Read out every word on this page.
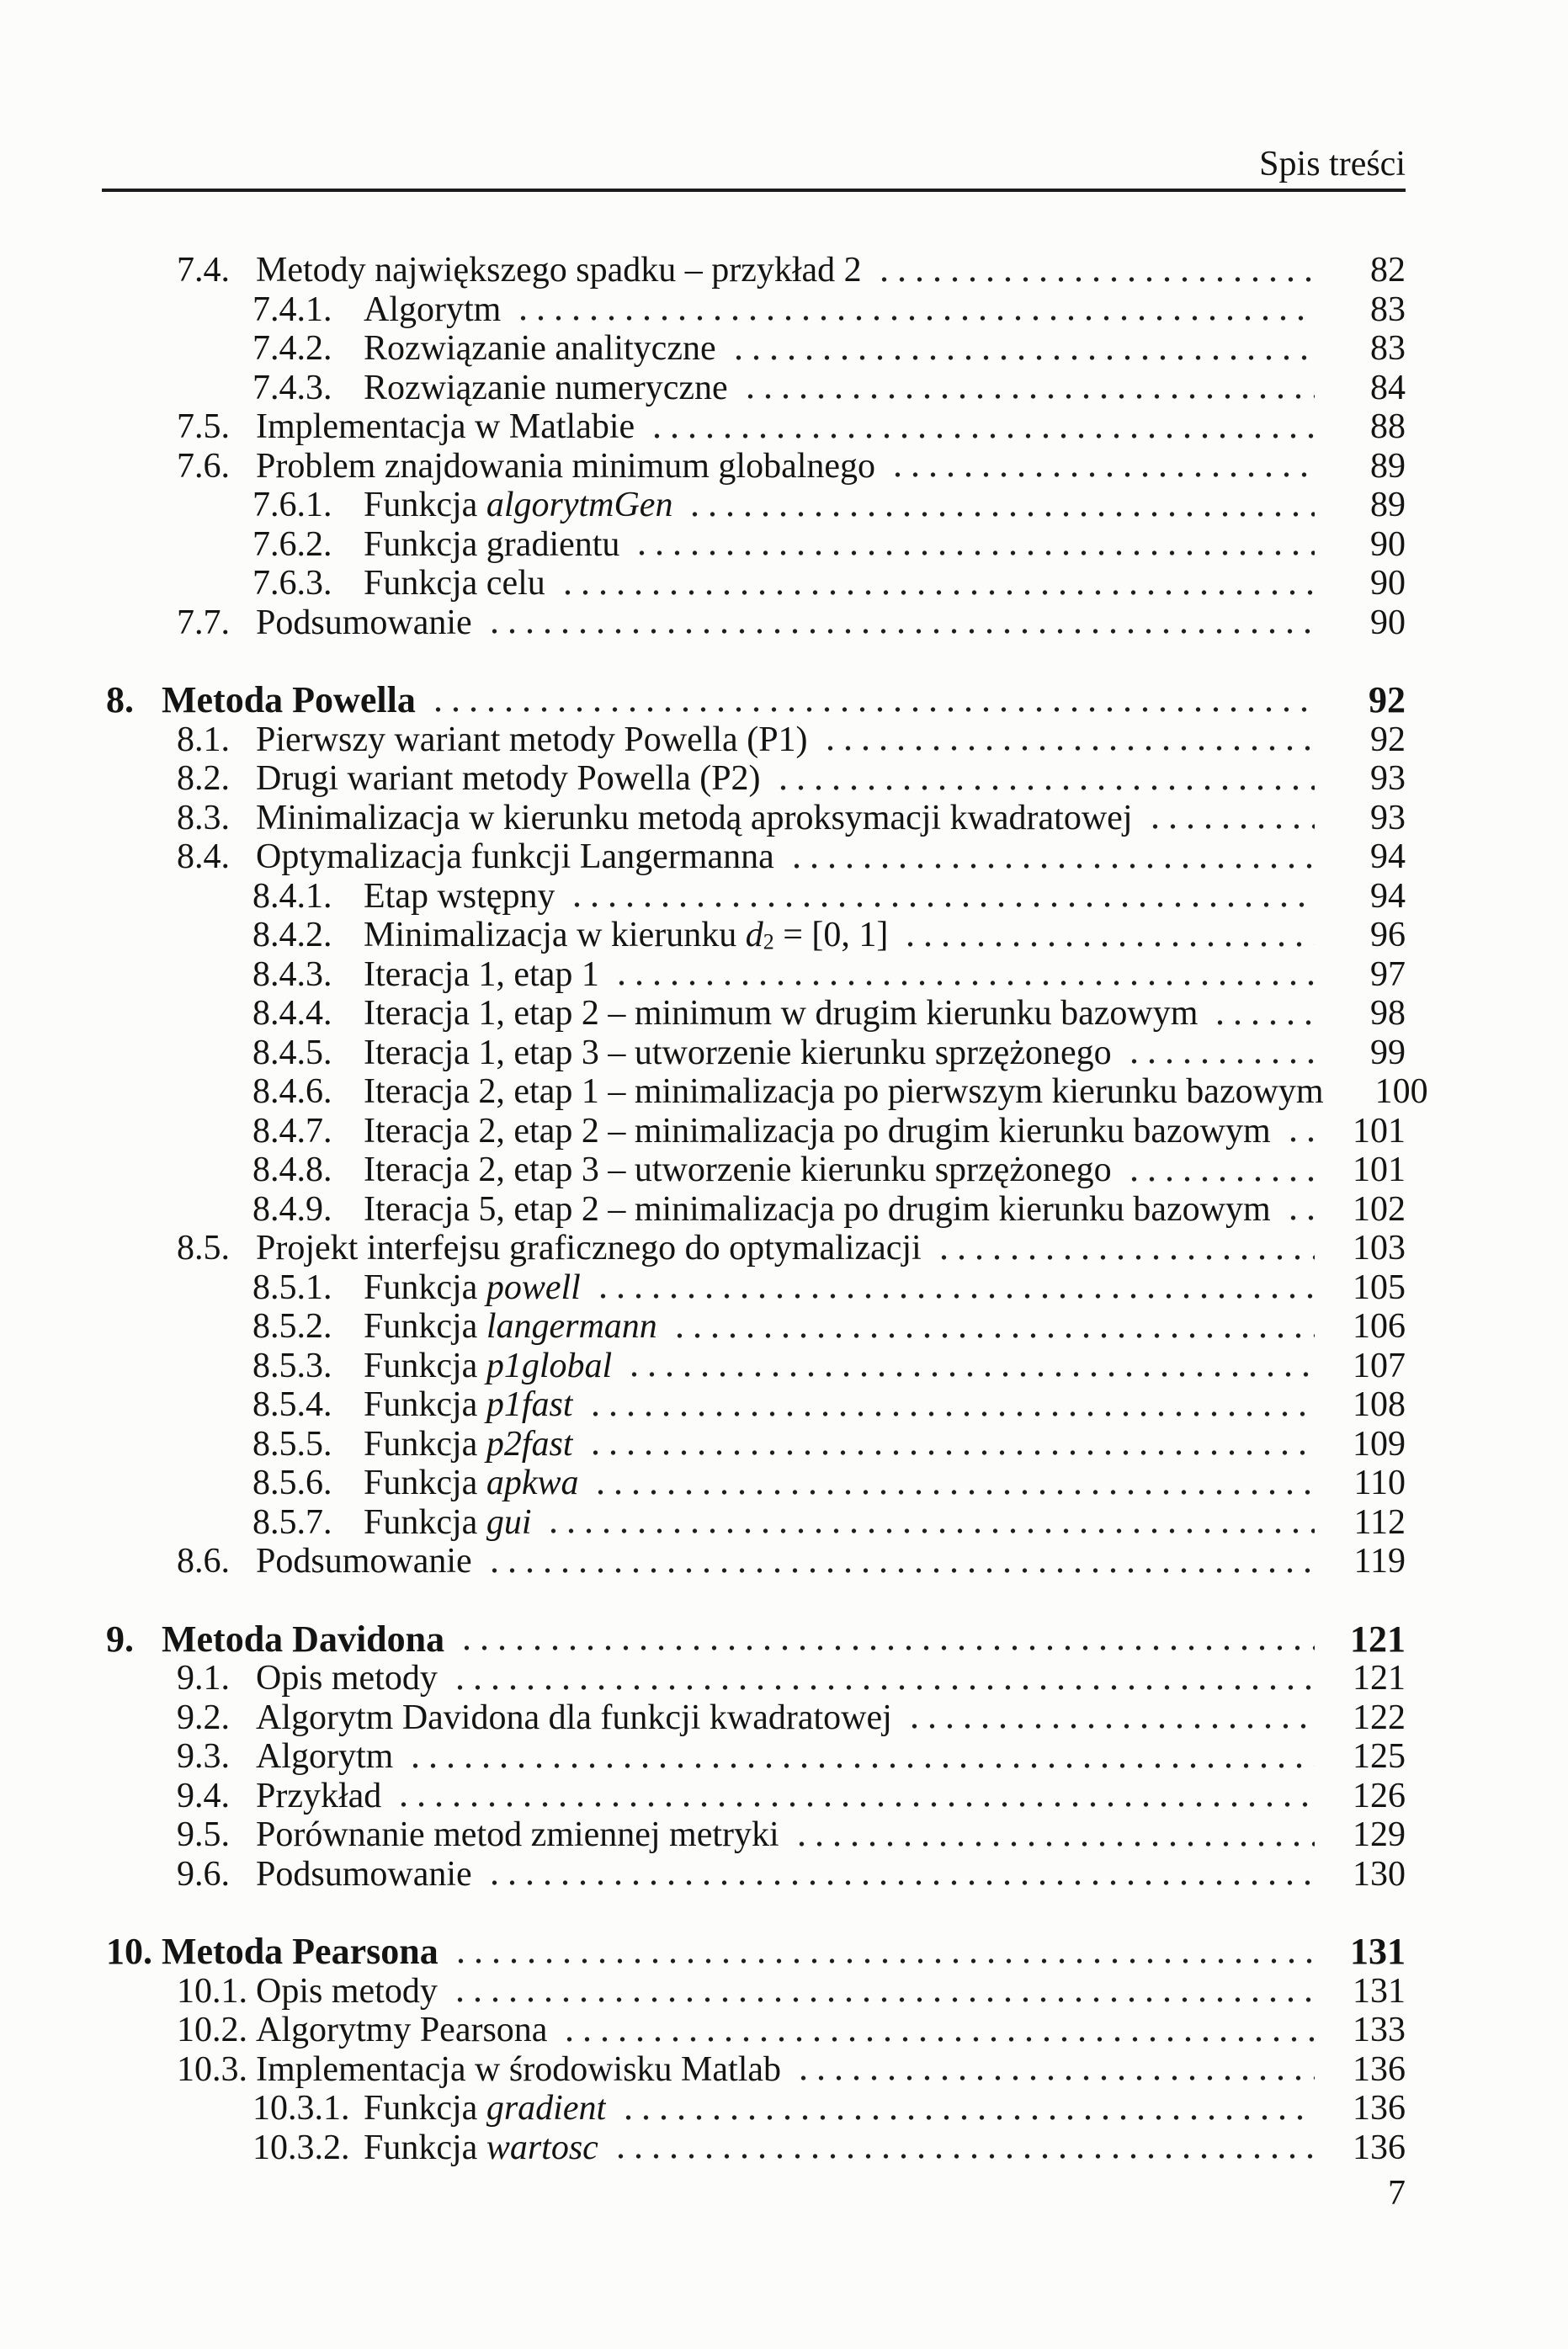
Spis treści
7.4. Metody największego spadku – przykład 2	82
7.4.1. Algorytm	83
7.4.2. Rozwiązanie analityczne	83
7.4.3. Rozwiązanie numeryczne	84
7.5. Implementacja w Matlabie	88
7.6. Problem znajdowania minimum globalnego	89
7.6.1. Funkcja algorytmGen	89
7.6.2. Funkcja gradientu	90
7.6.3. Funkcja celu	90
7.7. Podsumowanie	90
8. Metoda Powella	92
8.1. Pierwszy wariant metody Powella (P1)	92
8.2. Drugi wariant metody Powella (P2)	93
8.3. Minimalizacja w kierunku metodą aproksymacji kwadratowej	93
8.4. Optymalizacja funkcji Langermanna	94
8.4.1. Etap wstępny	94
8.4.2. Minimalizacja w kierunku d2 = [0, 1]	96
8.4.3. Iteracja 1, etap 1	97
8.4.4. Iteracja 1, etap 2 – minimum w drugim kierunku bazowym	98
8.4.5. Iteracja 1, etap 3 – utworzenie kierunku sprzężonego	99
8.4.6. Iteracja 2, etap 1 – minimalizacja po pierwszym kierunku bazowym	100
8.4.7. Iteracja 2, etap 2 – minimalizacja po drugim kierunku bazowym	101
8.4.8. Iteracja 2, etap 3 – utworzenie kierunku sprzężonego	101
8.4.9. Iteracja 5, etap 2 – minimalizacja po drugim kierunku bazowym	102
8.5. Projekt interfejsu graficznego do optymalizacji	103
8.5.1. Funkcja powell	105
8.5.2. Funkcja langermann	106
8.5.3. Funkcja p1global	107
8.5.4. Funkcja p1fast	108
8.5.5. Funkcja p2fast	109
8.5.6. Funkcja apkwa	110
8.5.7. Funkcja gui	112
8.6. Podsumowanie	119
9. Metoda Davidona	121
9.1. Opis metody	121
9.2. Algorytm Davidona dla funkcji kwadratowej	122
9.3. Algorytm	125
9.4. Przykład	126
9.5. Porównanie metod zmiennej metryki	129
9.6. Podsumowanie	130
10. Metoda Pearsona	131
10.1. Opis metody	131
10.2. Algorytmy Pearsona	133
10.3. Implementacja w środowisku Matlab	136
10.3.1. Funkcja gradient	136
10.3.2. Funkcja wartosc	136
7
